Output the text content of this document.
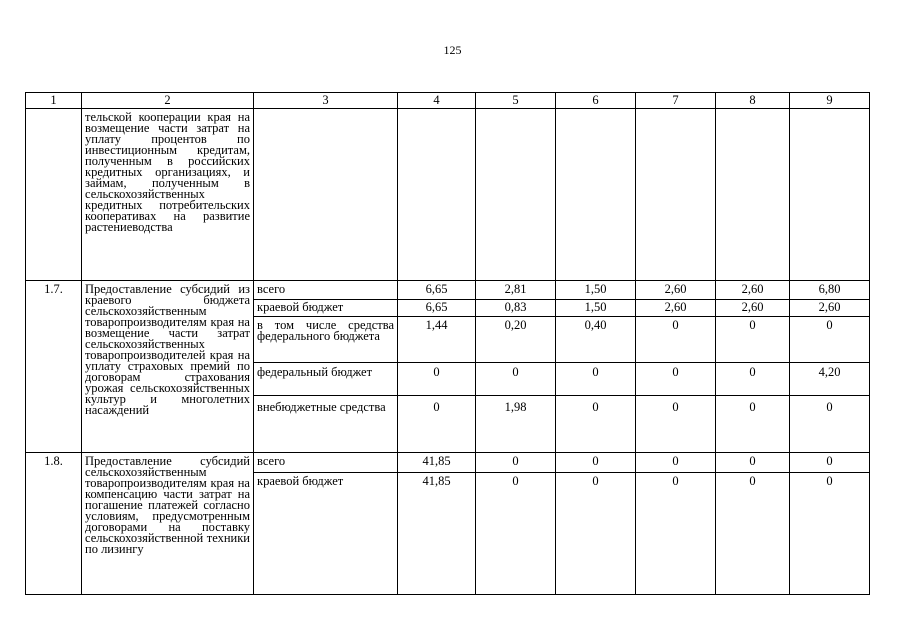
125
1	2	3	4	5	6	7	8	9
	тельской кооперации края на возмещение части затрат на уплату процентов по инвестиционным кредитам, полученным в российских кредитных организациях, и займам, полученным в сельскохозяйственных кредитных потребительских кооперативах на развитие растениеводства							
1.7.	Предоставление субсидий из краевого бюджета сельскохозяйственным товаропроизводителям края на возмещение части затрат сельскохозяйственных товаропроизводителей края на уплату страховых премий по договорам страхования урожая сельскохозяйственных культур и многолетних насаждений	всего	6,65	2,81	1,50	2,60	2,60	6,80
		краевой бюджет	6,65	0,83	1,50	2,60	2,60	2,60
		в том числе средства федерального бюджета	1,44	0,20	0,40	0	0	0
		федеральный бюджет	0	0	0	0	0	4,20
		внебюджетные средства	0	1,98	0	0	0	0
1.8.	Предоставление субсидий сельскохозяйственным товаропроизводителям края на компенсацию части затрат на погашение платежей согласно условиям, предусмотренным договорами на поставку сельскохозяйственной техники по лизингу	всего	41,85	0	0	0	0	0
		краевой бюджет	41,85	0	0	0	0	0
